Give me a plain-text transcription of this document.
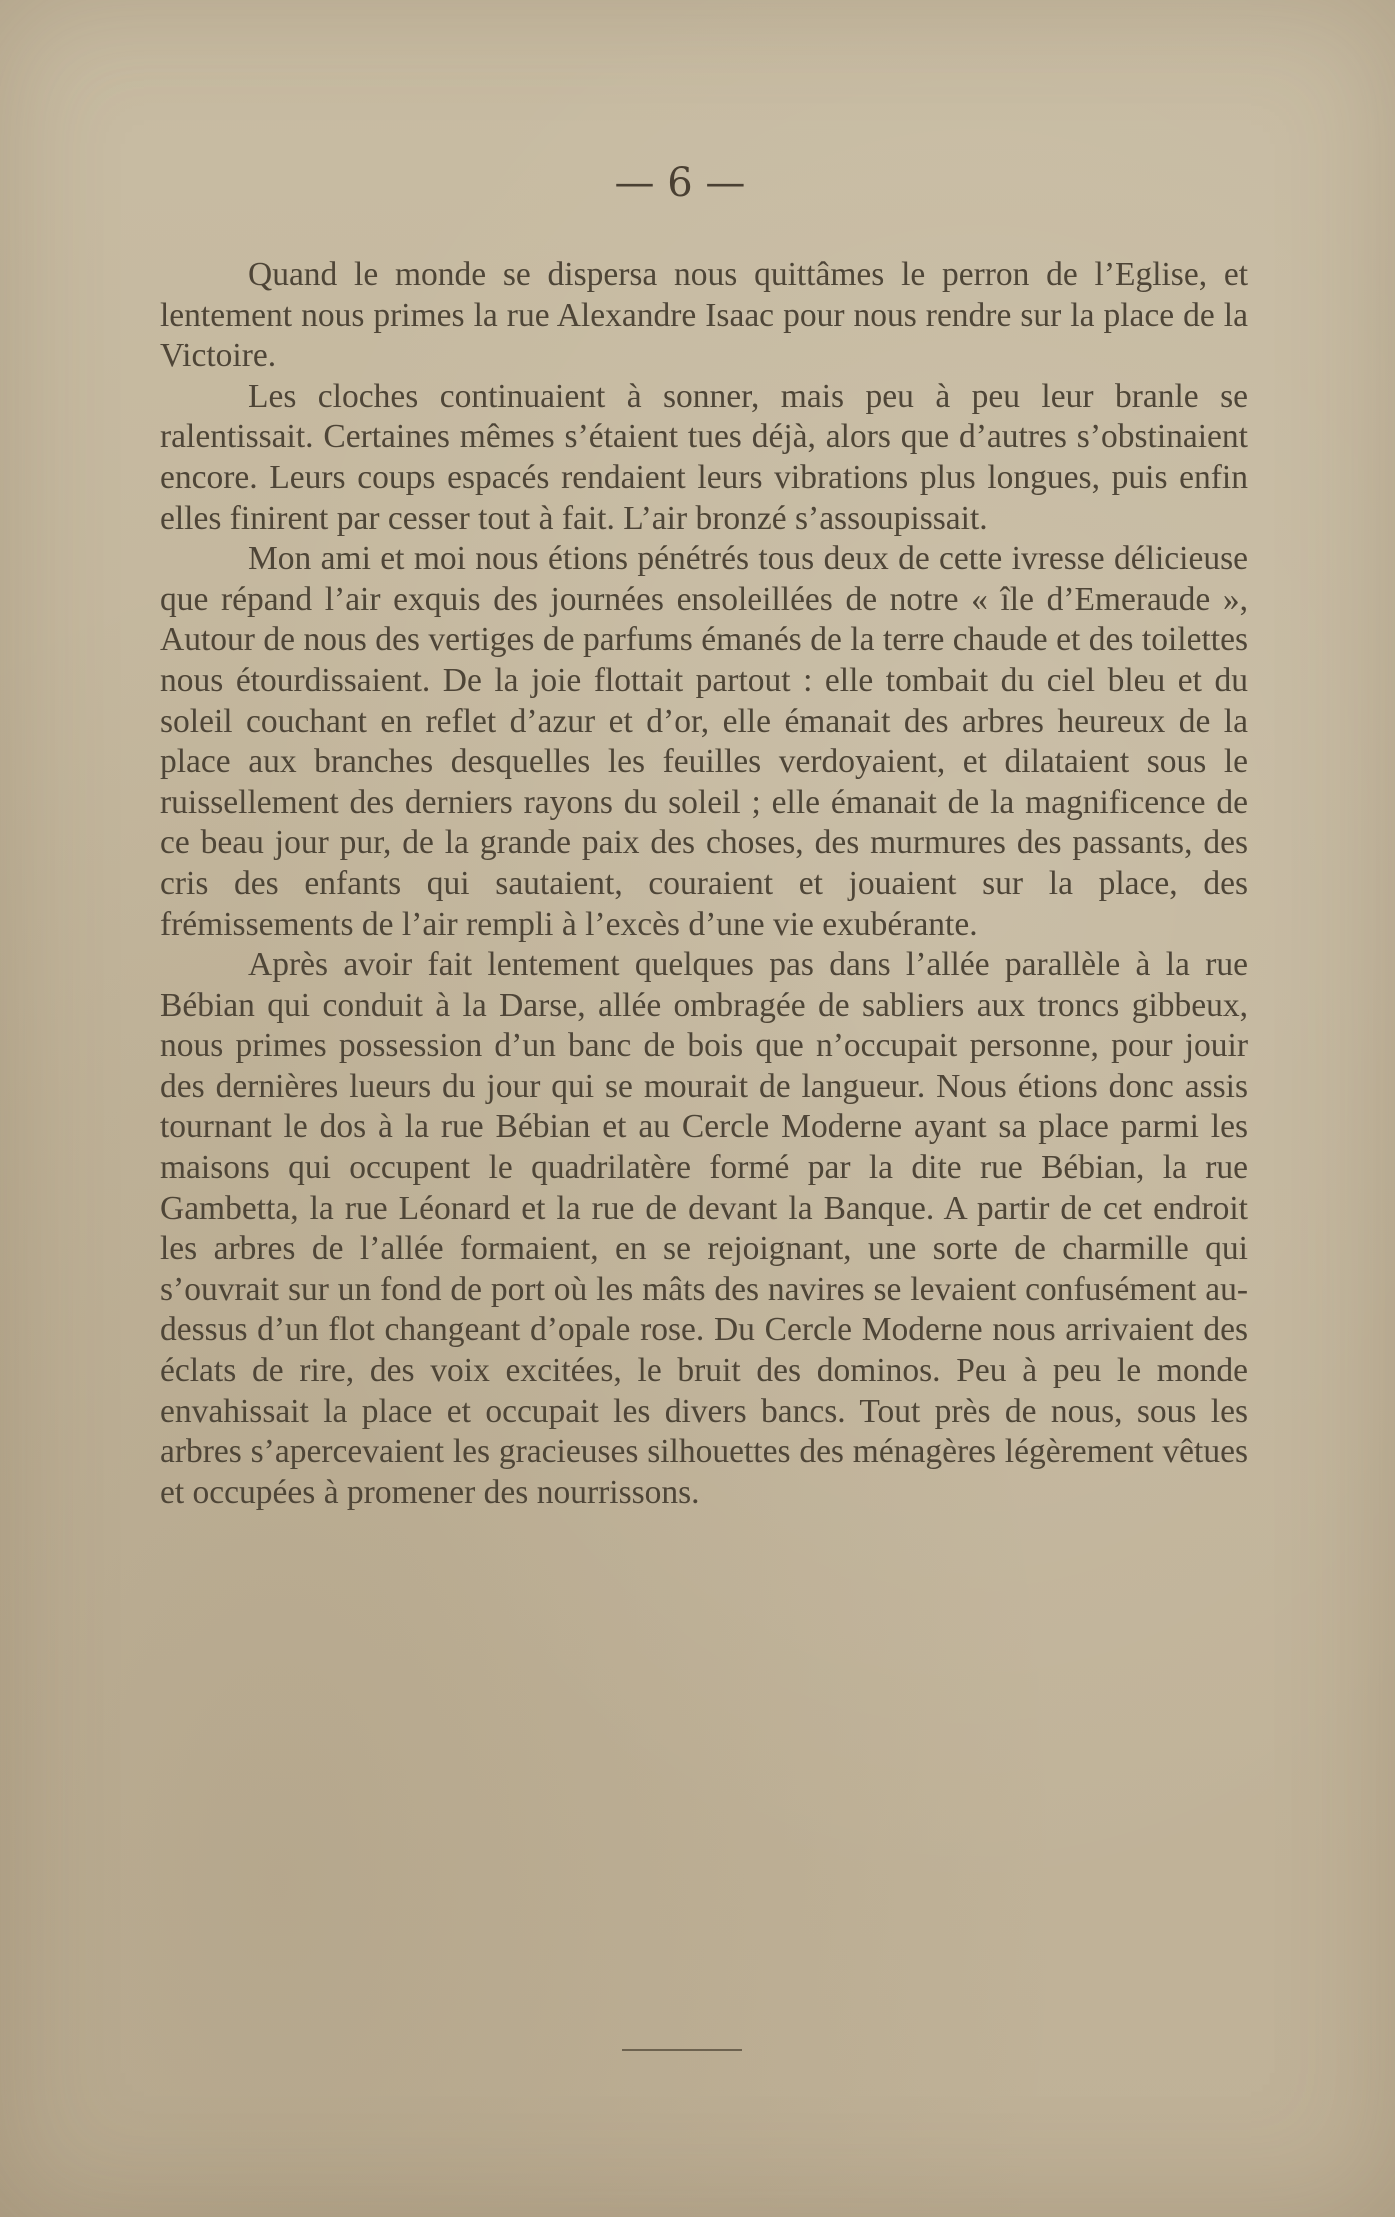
— 6 —

Quand le monde se dispersa nous quittâmes le perron de l’Eglise, et lentement nous primes la rue Alexandre Isaac pour nous rendre sur la place de la Victoire.

Les cloches continuaient à sonner, mais peu à peu leur branle se ralentissait. Certaines mêmes s’étaient tues déjà, alors que d’autres s’obstinaient encore. Leurs coups espacés rendaient leurs vibrations plus longues, puis enfin elles finirent par cesser tout à fait. L’air bronzé s’assoupissait.

Mon ami et moi nous étions pénétrés tous deux de cette ivresse délicieuse que répand l’air exquis des journées ensoleillées de notre « île d’Emeraude », Autour de nous des vertiges de parfums émanés de la terre chaude et des toilettes nous étourdissaient. De la joie flottait partout : elle tombait du ciel bleu et du soleil couchant en reflet d’azur et d’or, elle émanait des arbres heureux de la place aux branches desquelles les feuilles verdoyaient, et dilataient sous le ruissellement des derniers rayons du soleil ; elle émanait de la magnificence de ce beau jour pur, de la grande paix des choses, des murmures des passants, des cris des enfants qui sautaient, couraient et jouaient sur la place, des frémissements de l’air rempli à l’excès d’une vie exubérante.

Après avoir fait lentement quelques pas dans l’allée parallèle à la rue Bébian qui conduit à la Darse, allée ombragée de sabliers aux troncs gibbeux, nous primes possession d’un banc de bois que n’occupait personne, pour jouir des dernières lueurs du jour qui se mourait de langueur. Nous étions donc assis tournant le dos à la rue Bébian et au Cercle Moderne ayant sa place parmi les maisons qui occupent le quadrilatère formé par la dite rue Bébian, la rue Gambetta, la rue Léonard et la rue de devant la Banque. A partir de cet endroit les arbres de l’allée formaient, en se rejoignant, une sorte de charmille qui s’ouvrait sur un fond de port où les mâts des navires se levaient confusément au-dessus d’un flot changeant d’opale rose. Du Cercle Moderne nous arrivaient des éclats de rire, des voix excitées, le bruit des dominos. Peu à peu le monde envahissait la place et occupait les divers bancs. Tout près de nous, sous les arbres s’apercevaient les gracieuses silhouettes des ménagères légèrement vêtues et occupées à promener des nourrissons.
